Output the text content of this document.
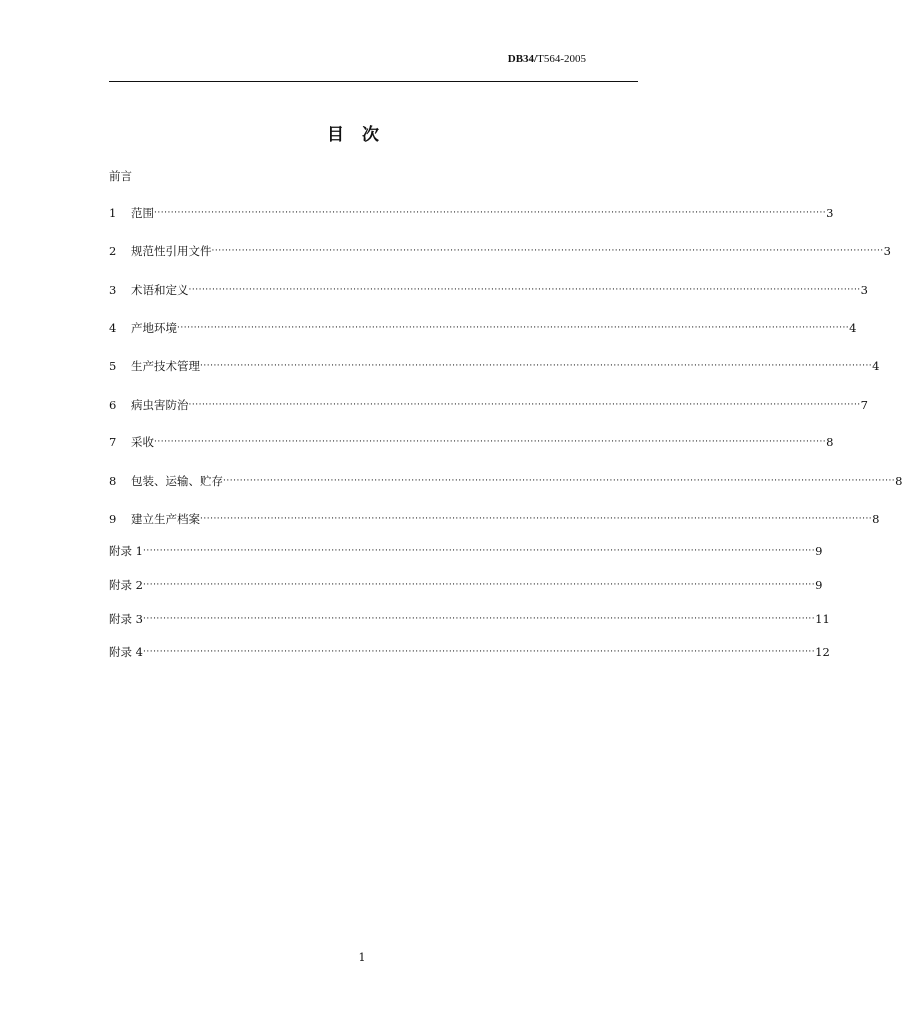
DB34/T564-2005
目次
前言
1	范围 ········································································································································································································ 3
2	规范性引用文件 ········································································································································································································ 3
3	术语和定义 ········································································································································································································ 3
4	产地环境 ········································································································································································································ 4
5	生产技术管理 ········································································································································································································ 4
6	病虫害防治 ········································································································································································································ 7
7	采收 ········································································································································································································ 8
8	包装、运输、贮存 ········································································································································································································ 8
9	建立生产档案 ········································································································································································································ 8
附录 1 ········································································································································································································ 9
附录 2 ········································································································································································································ 9
附录 3 ········································································································································································································ 11
附录 4 ········································································································································································································ 12
1
